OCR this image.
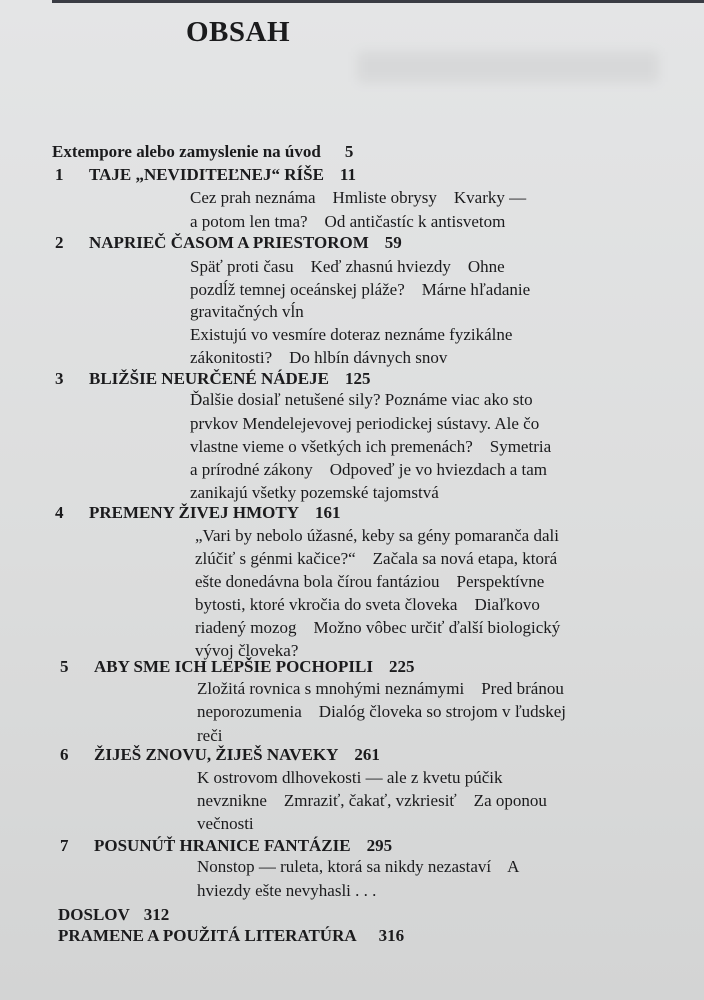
OBSAH
Extempore alebo zamyslenie na úvod 5
1 TAJE „NEVIDITEĽNEJ“ RÍŠE 11
Cez prah neznáma    Hmliste obrysy    Kvarky —
a potom len tma?    Od antičastíc k antisvetom
2 NAPRIEČ ČASOM A PRIESTOROM 59
Späť proti času    Keď zhasnú hviezdy    Ohne
pozdĺž temnej oceánskej pláže?    Márne hľadanie
gravitačných vĺn
Existujú vo vesmíre doteraz neznáme fyzikálne
zákonitosti?    Do hlbín dávnych snov
3 BLIŽŠIE NEURČENÉ NÁDEJE 125
Ďalšie dosiaľ netušené sily? Poznáme viac ako sto
prvkov Mendelejevovej periodickej sústavy. Ale čo
vlastne vieme o všetkých ich premenách?    Symetria
a prírodné zákony    Odpoveď je vo hviezdach a tam
zanikajú všetky pozemské tajomstvá
4 PREMENY ŽIVEJ HMOTY 161
„Vari by nebolo úžasné, keby sa gény pomaranča dali
zlúčiť s génmi kačice?“    Začala sa nová etapa, ktorá
ešte donedávna bola čírou fantáziou    Perspektívne
bytosti, ktoré vkročia do sveta človeka    Diaľkovo
riadený mozog    Možno vôbec určiť ďalší biologický
vývoj človeka?
5 ABY SME ICH LEPŠIE POCHOPILI 225
Zložitá rovnica s mnohými neznámymi    Pred bránou
neporozumenia    Dialóg človeka so strojom v ľudskej
reči
6 ŽIJEŠ ZNOVU, ŽIJEŠ NAVEKY 261
K ostrovom dlhovekosti — ale z kvetu púčik
nevznikne    Zmraziť, čakať, vzkriesiť    Za oponou
večnosti
7 POSUNÚŤ HRANICE FANTÁZIE 295
Nonstop — ruleta, ktorá sa nikdy nezastaví    A
hviezdy ešte nevyhasli . . .
DOSLOV 312
PRAMENE A POUŽITÁ LITERATÚRA 316
